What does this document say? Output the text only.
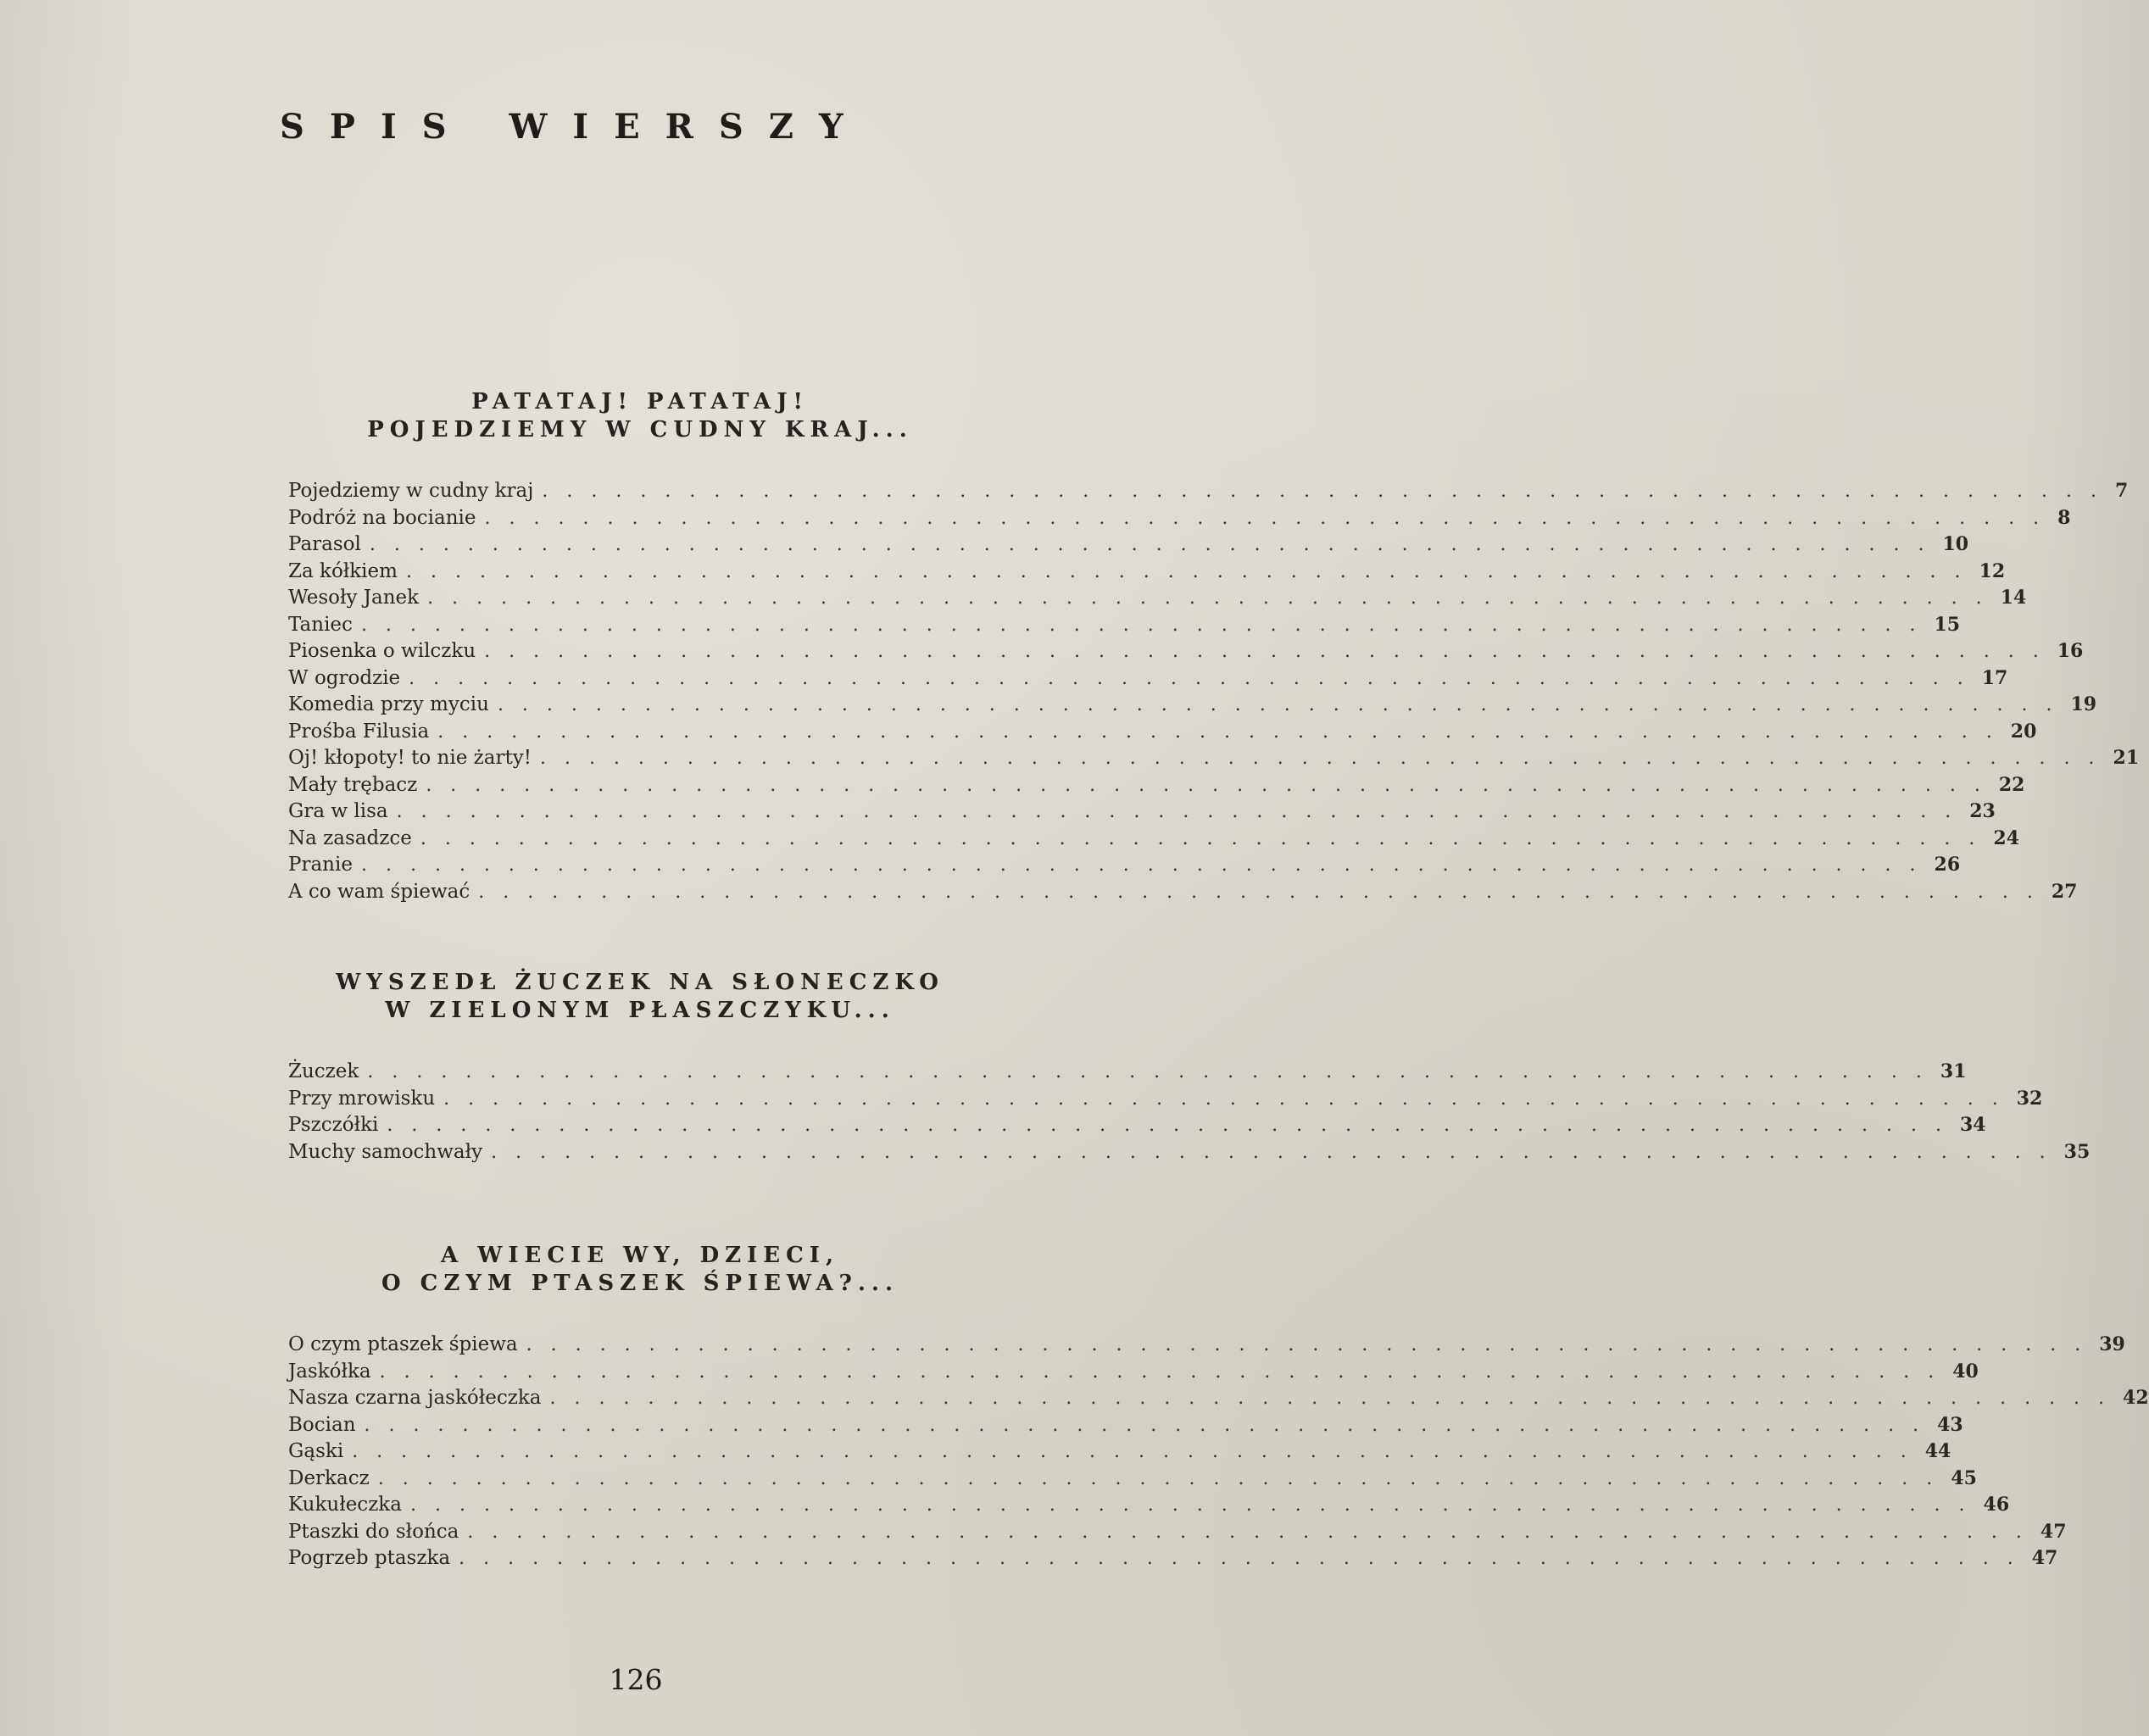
SPIS WIERSZY
PATATAJ! PATATAJ!
POJEDZIEMY W CUDNY KRAJ...
Pojedziemy w cudny kraj ................................................................ 7
Podróż na bocianie ................................................................ 8
Parasol ................................................................ 10
Za kółkiem ................................................................ 12
Wesoły Janek ................................................................ 14
Taniec ................................................................ 15
Piosenka o wilczku ................................................................ 16
W ogrodzie ................................................................ 17
Komedia przy myciu ................................................................ 19
Prośba Filusia ................................................................ 20
Oj! kłopoty! to nie żarty! ................................................................ 21
Mały trębacz ................................................................ 22
Gra w lisa ................................................................ 23
Na zasadzce ................................................................ 24
Pranie ................................................................ 26
A co wam śpiewać ................................................................ 27
WYSZEDŁ ŻUCZEK NA SŁONECZKO
W ZIELONYM PŁASZCZYKU...
Żuczek ................................................................ 31
Przy mrowisku ................................................................ 32
Pszczółki ................................................................ 34
Muchy samochwały ................................................................ 35
A WIECIE WY, DZIECI,
O CZYM PTASZEK ŚPIEWA?...
O czym ptaszek śpiewa ................................................................ 39
Jaskółka ................................................................ 40
Nasza czarna jaskółeczka ................................................................ 42
Bocian ................................................................ 43
Gąski ................................................................ 44
Derkacz ................................................................ 45
Kukułeczka ................................................................ 46
Ptaszki do słońca ................................................................ 47
Pogrzeb ptaszka ................................................................ 47

126
